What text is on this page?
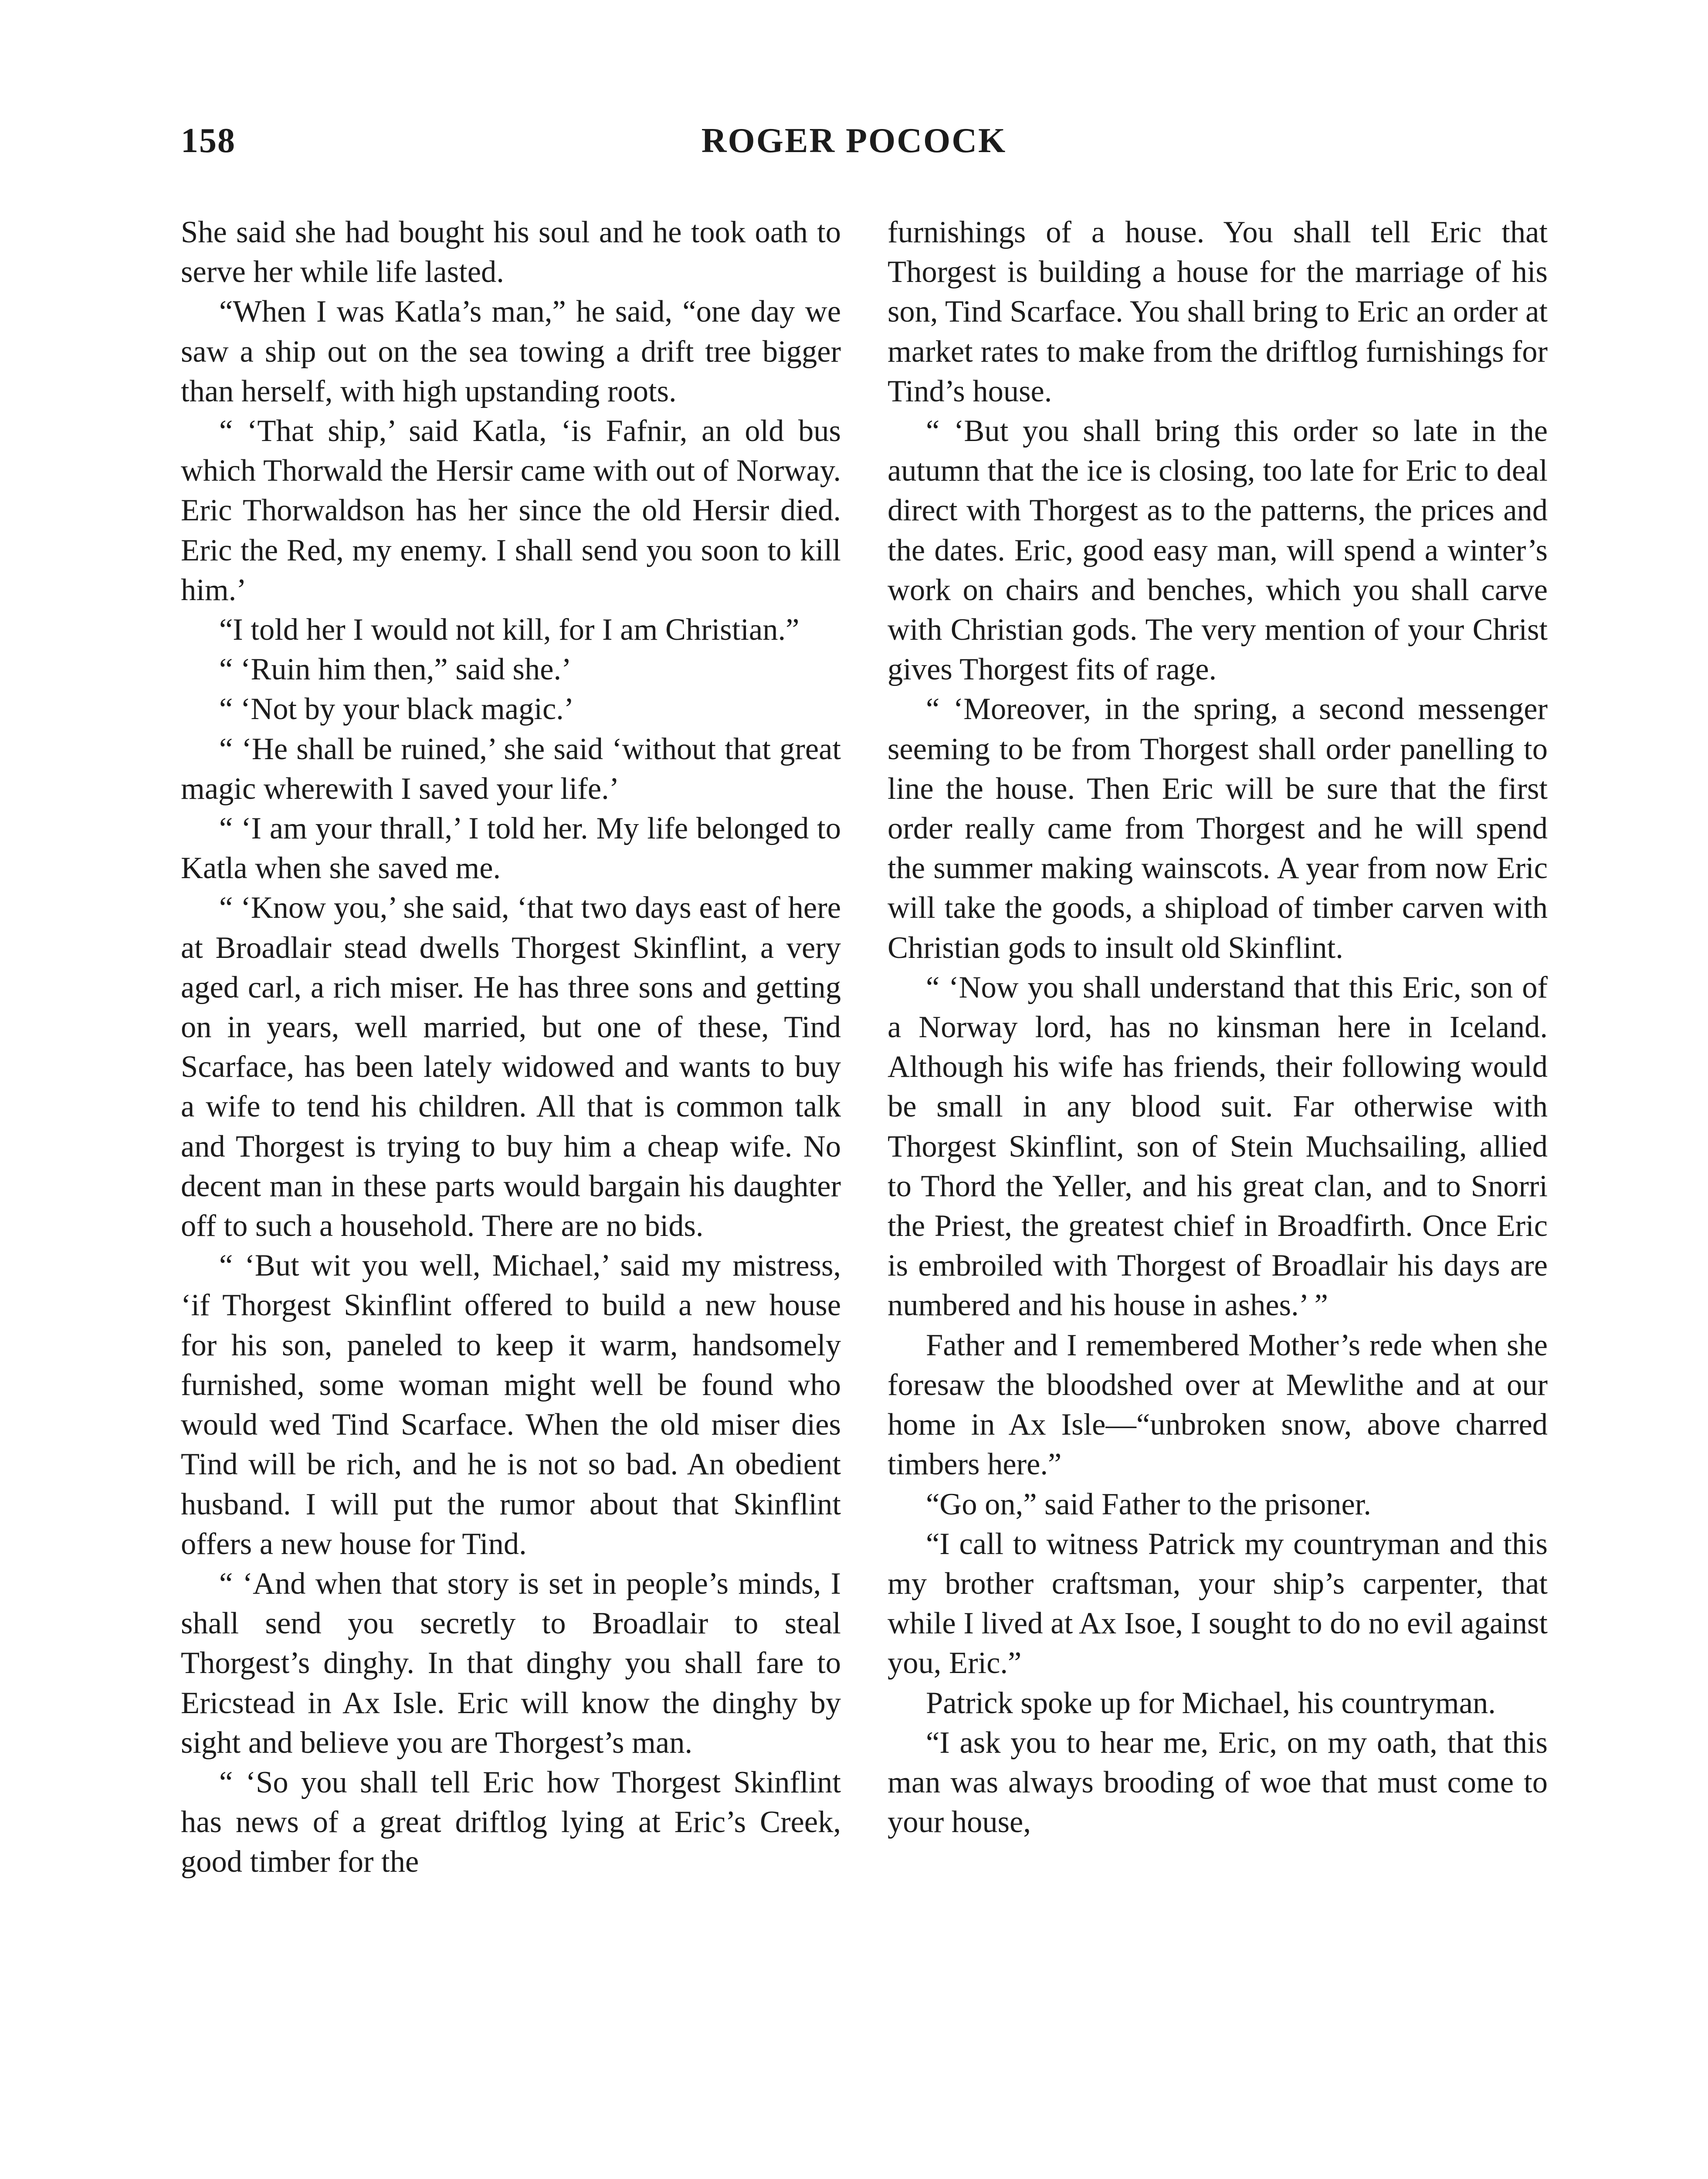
158	ROGER POCOCK

She said she had bought his soul and he took oath to serve her while life lasted.

“When I was Katla’s man,” he said, “one day we saw a ship out on the sea towing a drift tree bigger than herself, with high upstanding roots.

“ ‘That ship,’ said Katla, ‘is Fafnir, an old bus which Thorwald the Hersir came with out of Norway. Eric Thorwaldson has her since the old Hersir died. Eric the Red, my enemy. I shall send you soon to kill him.’

“I told her I would not kill, for I am Christian.”

“ ‘Ruin him then,” said she.’

“ ‘Not by your black magic.’

“ ‘He shall be ruined,’ she said ‘without that great magic wherewith I saved your life.’

“ ‘I am your thrall,’ I told her. My life belonged to Katla when she saved me.

“ ‘Know you,’ she said, ‘that two days east of here at Broadlair stead dwells Thorgest Skinflint, a very aged carl, a rich miser. He has three sons and getting on in years, well married, but one of these, Tind Scarface, has been lately widowed and wants to buy a wife to tend his children. All that is common talk and Thorgest is trying to buy him a cheap wife. No decent man in these parts would bargain his daughter off to such a household. There are no bids.

“ ‘But wit you well, Michael,’ said my mistress, ‘if Thorgest Skinflint offered to build a new house for his son, paneled to keep it warm, handsomely furnished, some woman might well be found who would wed Tind Scarface. When the old miser dies Tind will be rich, and he is not so bad. An obedient husband. I will put the rumor about that Skinflint offers a new house for Tind.

“ ‘And when that story is set in people’s minds, I shall send you secretly to Broadlair to steal Thorgest’s dinghy. In that dinghy you shall fare to Ericstead in Ax Isle. Eric will know the dinghy by sight and believe you are Thorgest’s man.

“ ‘So you shall tell Eric how Thorgest Skinflint has news of a great driftlog lying at Eric’s Creek, good timber for the

furnishings of a house. You shall tell Eric that Thorgest is building a house for the marriage of his son, Tind Scarface. You shall bring to Eric an order at market rates to make from the driftlog furnishings for Tind’s house.

“ ‘But you shall bring this order so late in the autumn that the ice is closing, too late for Eric to deal direct with Thorgest as to the patterns, the prices and the dates. Eric, good easy man, will spend a winter’s work on chairs and benches, which you shall carve with Christian gods. The very mention of your Christ gives Thorgest fits of rage.

“ ‘Moreover, in the spring, a second messenger seeming to be from Thorgest shall order panelling to line the house. Then Eric will be sure that the first order really came from Thorgest and he will spend the summer making wainscots. A year from now Eric will take the goods, a shipload of timber carven with Christian gods to insult old Skinflint.

“ ‘Now you shall understand that this Eric, son of a Norway lord, has no kinsman here in Iceland. Although his wife has friends, their following would be small in any blood suit. Far otherwise with Thorgest Skinflint, son of Stein Muchsailing, allied to Thord the Yeller, and his great clan, and to Snorri the Priest, the greatest chief in Broadfirth. Once Eric is embroiled with Thorgest of Broadlair his days are numbered and his house in ashes.’ ”

Father and I remembered Mother’s rede when she foresaw the bloodshed over at Mewlithe and at our home in Ax Isle—“unbroken snow, above charred timbers here.”

“Go on,” said Father to the prisoner.

“I call to witness Patrick my countryman and this my brother craftsman, your ship’s carpenter, that while I lived at Ax Isoe, I sought to do no evil against you, Eric.”

Patrick spoke up for Michael, his countryman.

“I ask you to hear me, Eric, on my oath, that this man was always brooding of woe that must come to your house,
